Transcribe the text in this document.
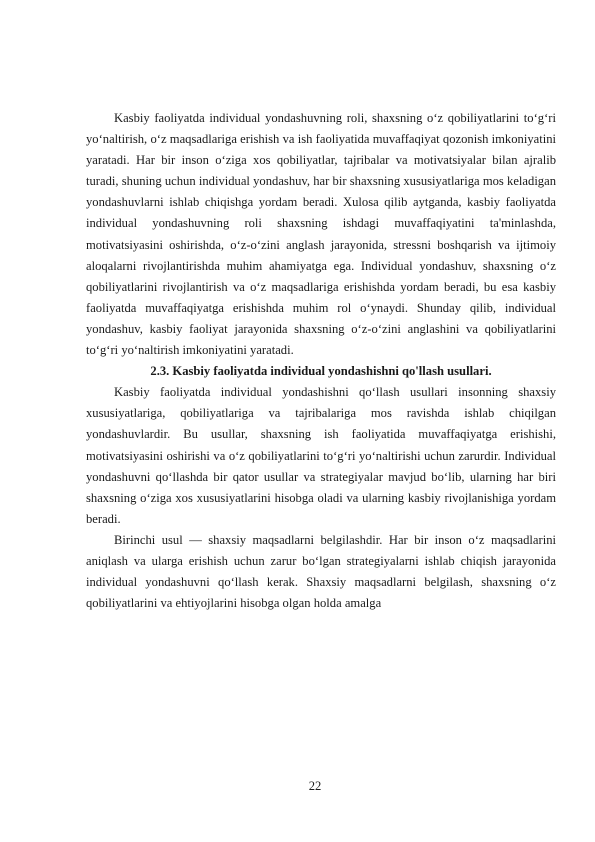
Kasbiy faoliyatda individual yondashuvning roli, shaxsning o‘z qobiliyatlarini to‘g‘ri yo‘naltirish, o‘z maqsadlariga erishish va ish faoliyatida muvaffaqiyat qozonish imkoniyatini yaratadi. Har bir inson o‘ziga xos qobiliyatlar, tajribalar va motivatsiyalar bilan ajralib turadi, shuning uchun individual yondashuv, har bir shaxsning xususiyatlariga mos keladigan yondashuvlarni ishlab chiqishga yordam beradi. Xulosa qilib aytganda, kasbiy faoliyatda individual yondashuvning roli shaxsning ishdagi muvaffaqiyatini ta'minlashda, motivatsiyasini oshirishda, o‘z-o‘zini anglash jarayonida, stressni boshqarish va ijtimoiy aloqalarni rivojlantirishda muhim ahamiyatga ega. Individual yondashuv, shaxsning o‘z qobiliyatlarini rivojlantirish va o‘z maqsadlariga erishishda yordam beradi, bu esa kasbiy faoliyatda muvaffaqiyatga erishishda muhim rol o‘ynaydi. Shunday qilib, individual yondashuv, kasbiy faoliyat jarayonida shaxsning o‘z-o‘zini anglashini va qobiliyatlarini to‘g‘ri yo‘naltirish imkoniyatini yaratadi.

2.3. Kasbiy faoliyatda individual yondashishni qo'llash usullari.

Kasbiy faoliyatda individual yondashishni qo‘llash usullari insonning shaxsiy xususiyatlariga, qobiliyatlariga va tajribalariga mos ravishda ishlab chiqilgan yondashuvlardir. Bu usullar, shaxsning ish faoliyatida muvaffaqiyatga erishishi, motivatsiyasini oshirishi va o‘z qobiliyatlarini to‘g‘ri yo‘naltirishi uchun zarurdir. Individual yondashuvni qo‘llashda bir qator usullar va strategiyalar mavjud bo‘lib, ularning har biri shaxsning o‘ziga xos xususiyatlarini hisobga oladi va ularning kasbiy rivojlanishiga yordam beradi.

Birinchi usul — shaxsiy maqsadlarni belgilashdir. Har bir inson o‘z maqsadlarini aniqlash va ularga erishish uchun zarur bo‘lgan strategiyalarni ishlab chiqish jarayonida individual yondashuvni qo‘llash kerak. Shaxsiy maqsadlarni belgilash, shaxsning o‘z qobiliyatlarini va ehtiyojlarini hisobga olgan holda amalga

22
